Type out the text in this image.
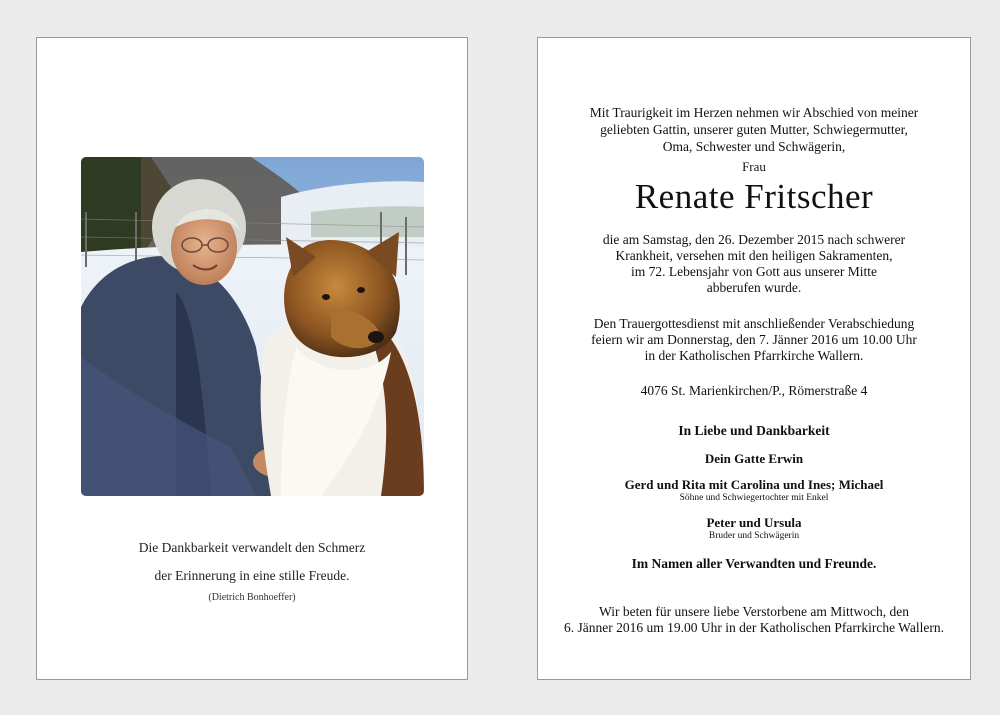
Die Dankbarkeit verwandelt den Schmerz
der Erinnerung in eine stille Freude.
(Dietrich Bonhoeffer)
Mit Traurigkeit im Herzen nehmen wir Abschied von meiner
geliebten Gattin, unserer guten Mutter, Schwiegermutter,
Oma, Schwester und Schwägerin,
Frau
Renate Fritscher
die am Samstag, den 26. Dezember 2015 nach schwerer
Krankheit, versehen mit den heiligen Sakramenten,
im 72. Lebensjahr von Gott aus unserer Mitte
abberufen wurde.
Den Trauergottesdienst mit anschließender Verabschiedung
feiern wir am Donnerstag, den 7. Jänner 2016 um 10.00 Uhr
in der Katholischen Pfarrkirche Wallern.
4076 St. Marienkirchen/P., Römerstraße 4
In Liebe und Dankbarkeit
Dein Gatte Erwin
Gerd und Rita mit Carolina und Ines; Michael
Söhne und Schwiegertochter mit Enkel
Peter und Ursula
Bruder und Schwägerin
Im Namen aller Verwandten und Freunde.
Wir beten für unsere liebe Verstorbene am Mittwoch, den
6. Jänner 2016 um 19.00 Uhr in der Katholischen Pfarrkirche Wallern.
